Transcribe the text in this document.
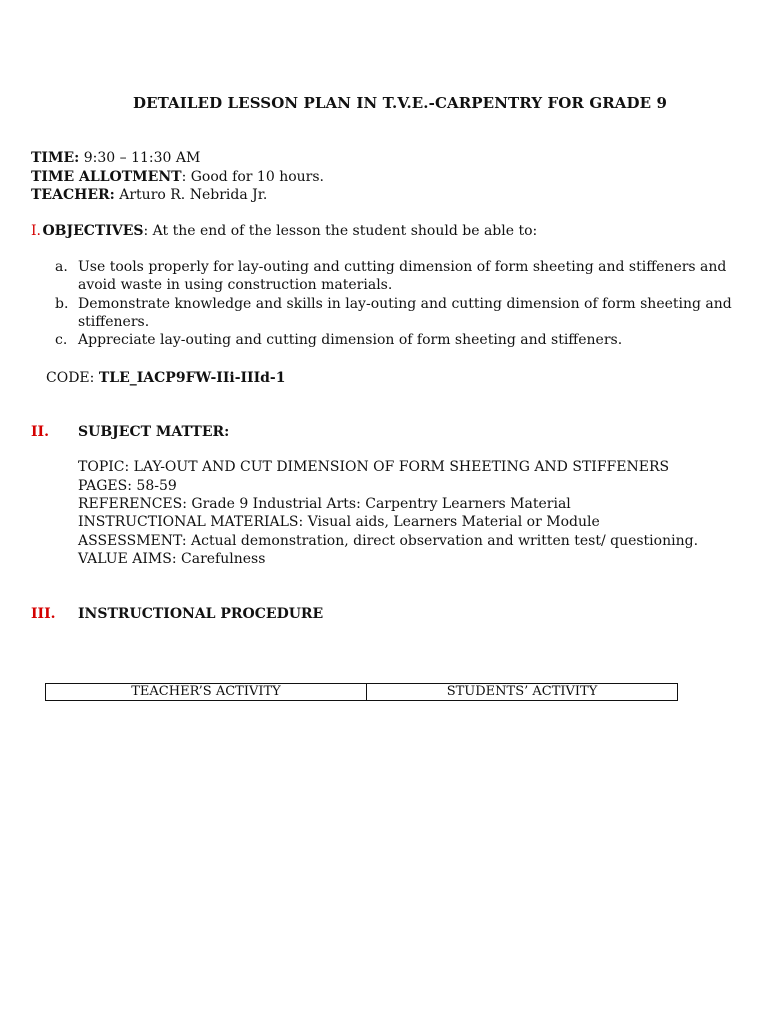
DETAILED LESSON PLAN IN T.V.E.-CARPENTRY FOR GRADE 9
TIME: 9:30 – 11:30 AM
TIME ALLOTMENT: Good for 10 hours.
TEACHER: Arturo R. Nebrida Jr.
I. OBJECTIVES: At the end of the lesson the student should be able to:
a. Use tools properly for lay-outing and cutting dimension of form sheeting and stiffeners and
avoid waste in using construction materials.
b. Demonstrate knowledge and skills in lay-outing and cutting dimension of form sheeting and
stiffeners.
c. Appreciate lay-outing and cutting dimension of form sheeting and stiffeners.
CODE: TLE_IACP9FW-IIi-IIId-1
II. SUBJECT MATTER:
TOPIC: LAY-OUT AND CUT DIMENSION OF FORM SHEETING AND STIFFENERS
PAGES: 58-59
REFERENCES: Grade 9 Industrial Arts: Carpentry Learners Material
INSTRUCTIONAL MATERIALS: Visual aids, Learners Material or Module
ASSESSMENT: Actual demonstration, direct observation and written test/ questioning.
VALUE AIMS: Carefulness
III. INSTRUCTIONAL PROCEDURE
TEACHER’S ACTIVITY	STUDENTS’ ACTIVITY
